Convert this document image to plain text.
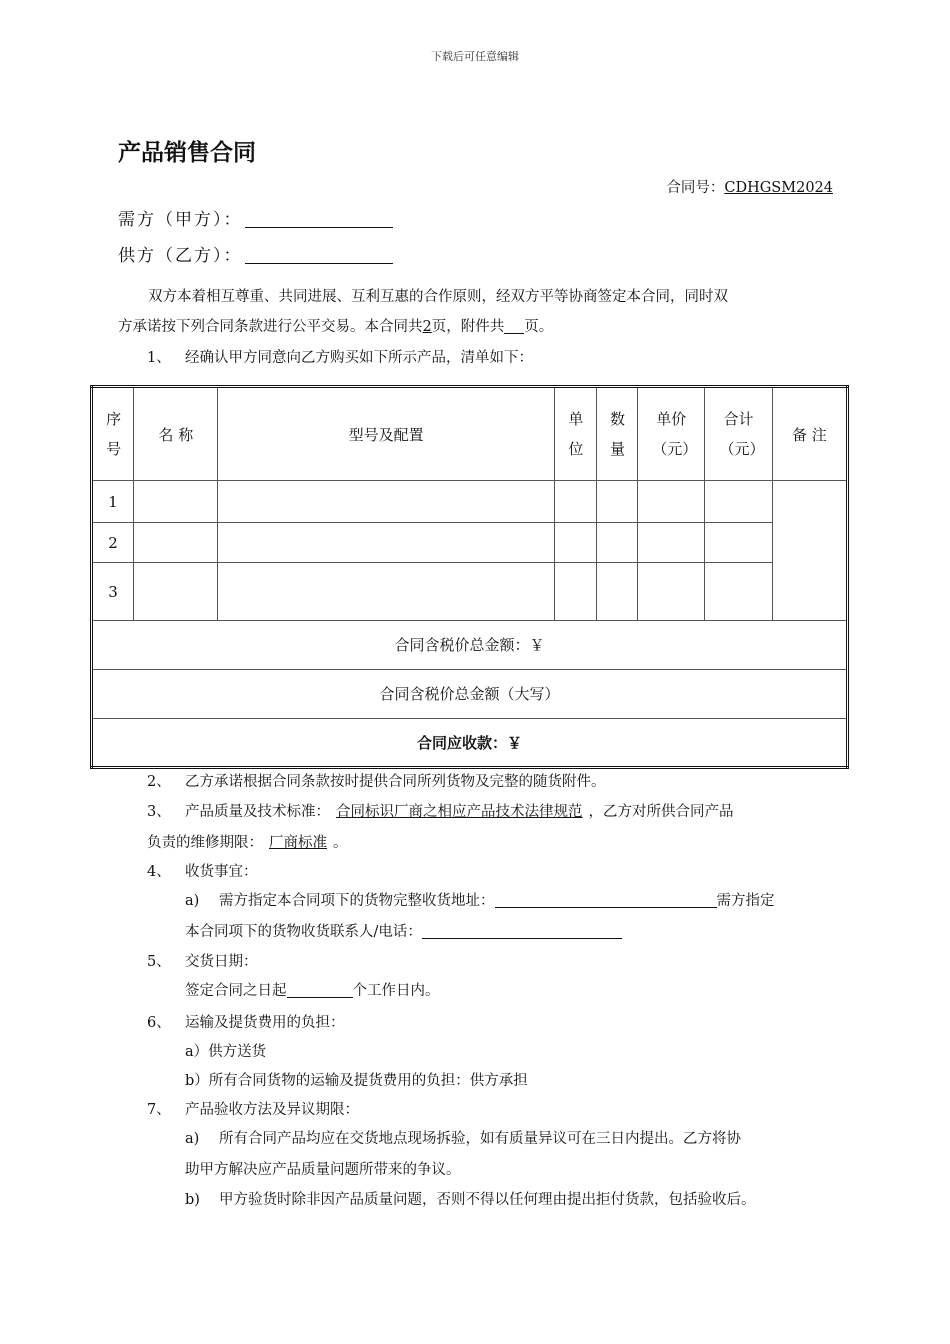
下载后可任意编辑
产品销售合同
合同号：CDHGSM2024
需方（甲方）：
供方（乙方）：
双方本着相互尊重、共同进展、互利互惠的合作原则，经双方平等协商签定本合同，同时双
方承诺按下列合同条款进行公平交易。本合同共2页，附件共 页。
1、 经确认甲方同意向乙方购买如下所示产品，清单如下：
序号	名 称	型号及配置	单位	数量	单价（元）	合计（元）	备 注
1							
2							
3							
合同含税价总金额：￥							
合同含税价总金额（大写）							
合同应收款：￥							
2、 乙方承诺根据合同条款按时提供合同所列货物及完整的随货附件。
3、 产品质量及技术标准： 合同标识厂商之相应产品技术法律规范 ，乙方对所供合同产品
负责的维修期限： 厂商标准 。
4、 收货事宜：
a) 需方指定本合同项下的货物完整收货地址：	需方指定
本合同项下的货物收货联系人/电话：
5、 交货日期：
签定合同之日起	个工作日内。
6、 运输及提货费用的负担：
a）供方送货
b）所有合同货物的运输及提货费用的负担：供方承担
7、 产品验收方法及异议期限：
a) 所有合同产品均应在交货地点现场拆验，如有质量异议可在三日内提出。乙方将协
助甲方解决应产品质量问题所带来的争议。
b) 甲方验货时除非因产品质量问题，否则不得以任何理由提出拒付货款，包括验收后。
